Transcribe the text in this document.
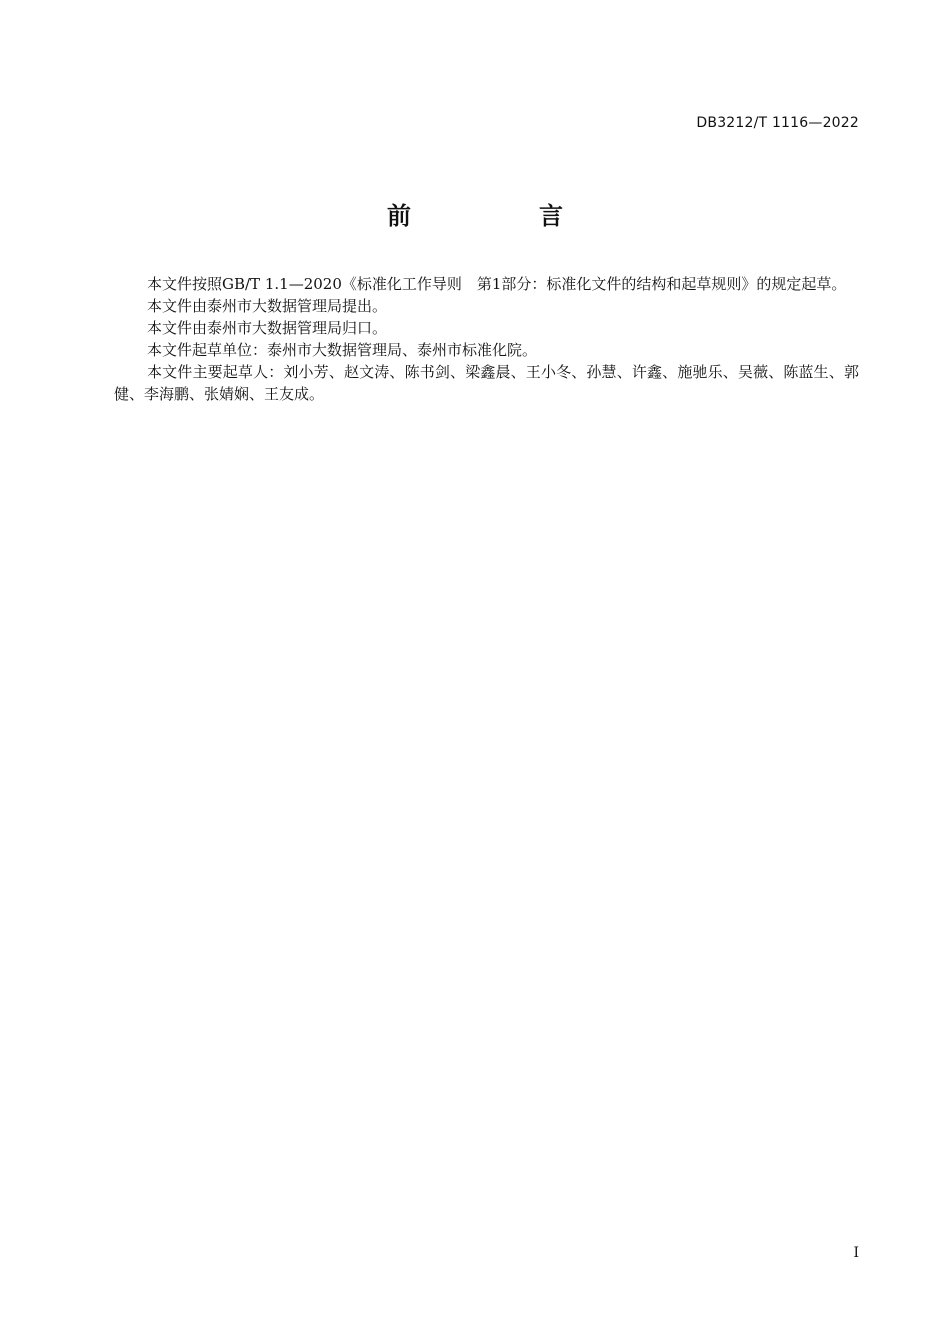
DB3212/T 1116—2022
前　言

本文件按照GB/T 1.1—2020《标准化工作导则　第1部分：标准化文件的结构和起草规则》的规定起草。

本文件由泰州市大数据管理局提出。

本文件由泰州市大数据管理局归口。

本文件起草单位：泰州市大数据管理局、泰州市标准化院。

本文件主要起草人：刘小芳、赵文涛、陈书剑、梁鑫晨、王小冬、孙慧、许鑫、施驰乐、吴薇、陈蓝生、郭健、李海鹏、张婧娴、王友成。

I
